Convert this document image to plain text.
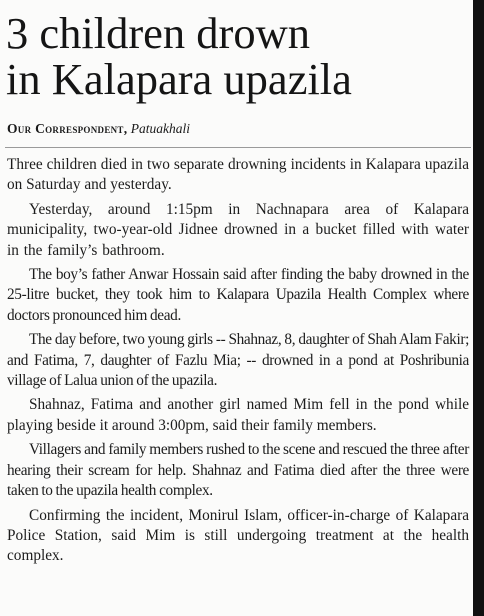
3 children drown
in Kalapara upazila
Our Correspondent, Patuakhali

Three children died in two separate drowning incidents in Kalapara upazila on Saturday and yesterday.

Yesterday, around 1:15pm in Nachnapara area of Kalapara municipality, two-year-old Jidnee drowned in a bucket filled with water in the family’s bathroom.

The boy’s father Anwar Hossain said after finding the baby drowned in the 25-litre bucket, they took him to Kalapara Upazila Health Complex where doctors pronounced him dead.

The day before, two young girls -- Shahnaz, 8, daughter of Shah Alam Fakir; and Fatima, 7, daughter of Fazlu Mia; -- drowned in a pond at Poshribunia village of Lalua union of the upazila.

Shahnaz, Fatima and another girl named Mim fell in the pond while playing beside it around 3:00pm, said their family members.

Villagers and family members rushed to the scene and rescued the three after hearing their scream for help. Shahnaz and Fatima died after the three were taken to the upazila health complex.

Confirming the incident, Monirul Islam, officer-in-charge of Kalapara Police Station, said Mim is still undergoing treatment at the health complex.
